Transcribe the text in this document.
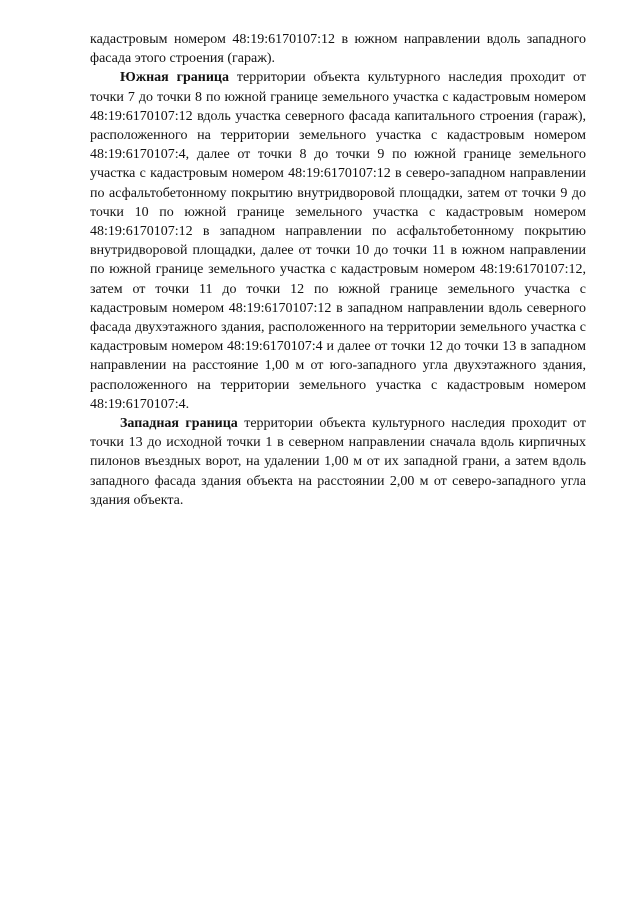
кадастровым номером 48:19:6170107:12 в южном направлении вдоль западного фасада этого строения (гараж).

Южная граница территории объекта культурного наследия проходит от точки 7 до точки 8 по южной границе земельного участка с кадастровым номером 48:19:6170107:12 вдоль участка северного фасада капитального строения (гараж), расположенного на территории земельного участка с кадастровым номером 48:19:6170107:4, далее от точки 8 до точки 9 по южной границе земельного участка с кадастровым номером 48:19:6170107:12 в северо-западном направлении по асфальтобетонному покрытию внутридворовой площадки, затем от точки 9 до точки 10 по южной границе земельного участка с кадастровым номером 48:19:6170107:12 в западном направлении по асфальтобетонному покрытию внутридворовой площадки, далее от точки 10 до точки 11 в южном направлении по южной границе земельного участка с кадастровым номером 48:19:6170107:12, затем от точки 11 до точки 12 по южной границе земельного участка с кадастровым номером 48:19:6170107:12 в западном направлении вдоль северного фасада двухэтажного здания, расположенного на территории земельного участка с кадастровым номером 48:19:6170107:4 и далее от точки 12 до точки 13 в западном направлении на расстояние 1,00 м от юго-западного угла двухэтажного здания, расположенного на территории земельного участка с кадастровым номером 48:19:6170107:4.

Западная граница территории объекта культурного наследия проходит от точки 13 до исходной точки 1 в северном направлении сначала вдоль кирпичных пилонов въездных ворот, на удалении 1,00 м от их западной грани, а затем вдоль западного фасада здания объекта на расстоянии 2,00 м от северо-западного угла здания объекта.
